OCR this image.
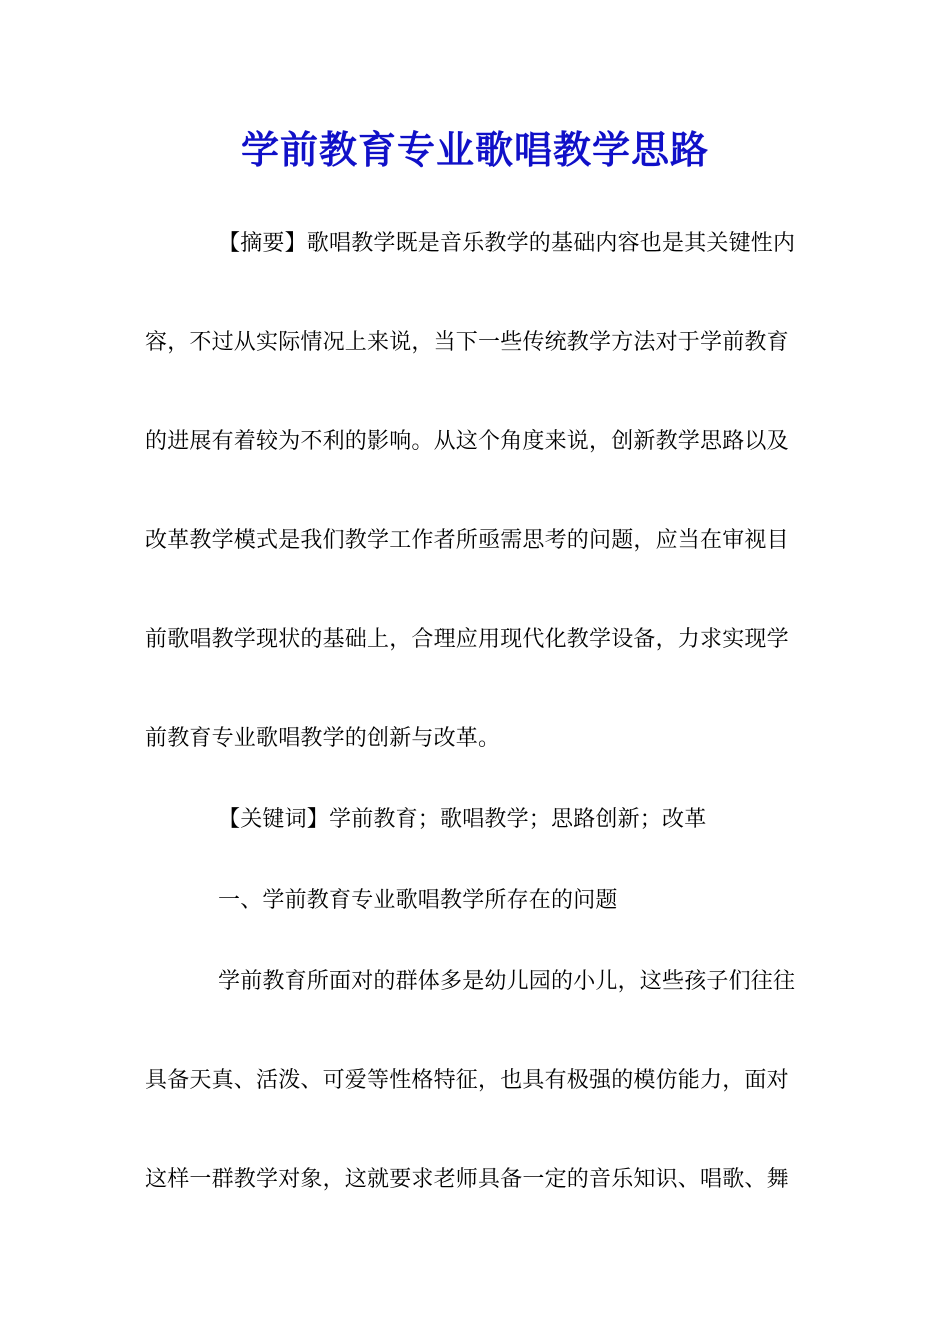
学前教育专业歌唱教学思路
【摘要】歌唱教学既是音乐教学的基础内容也是其关键性内
容，不过从实际情况上来说，当下一些传统教学方法对于学前教育
的进展有着较为不利的影响。从这个角度来说，创新教学思路以及
改革教学模式是我们教学工作者所亟需思考的问题，应当在审视目
前歌唱教学现状的基础上，合理应用现代化教学设备，力求实现学
前教育专业歌唱教学的创新与改革。
【关键词】学前教育；歌唱教学；思路创新；改革
一、学前教育专业歌唱教学所存在的问题
学前教育所面对的群体多是幼儿园的小儿，这些孩子们往往
具备天真、活泼、可爱等性格特征，也具有极强的模仿能力，面对
这样一群教学对象，这就要求老师具备一定的音乐知识、唱歌、舞
